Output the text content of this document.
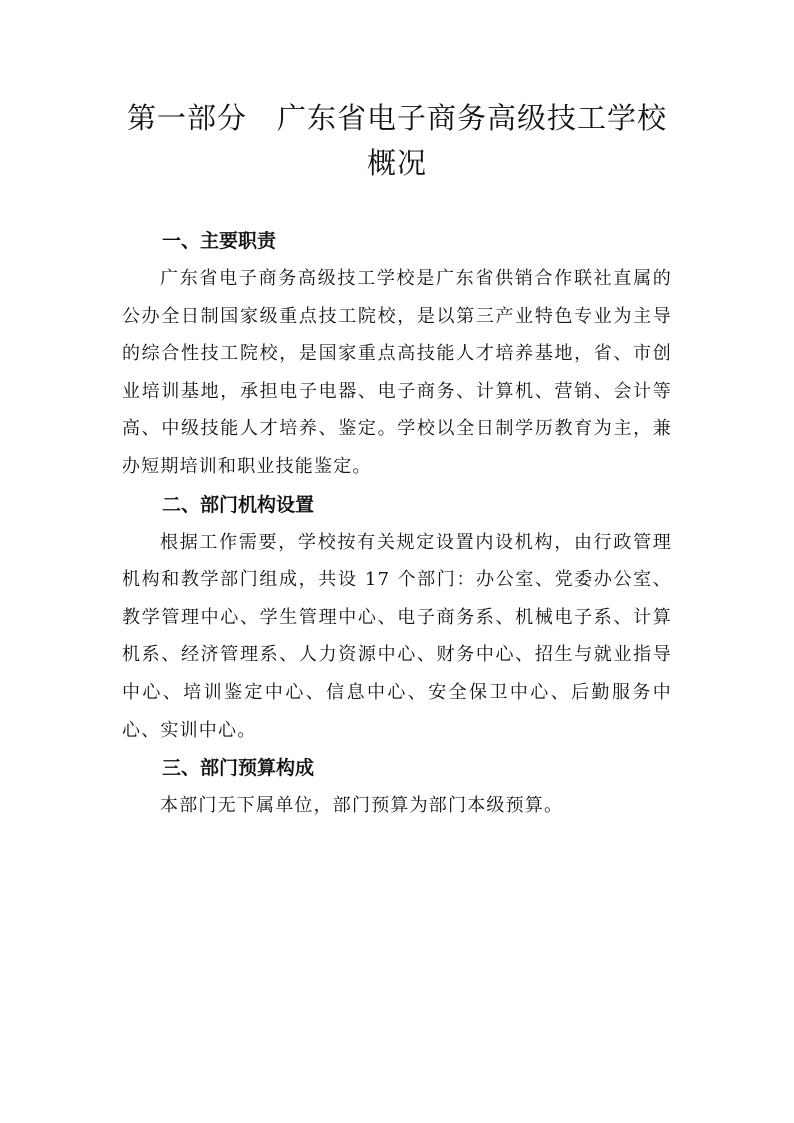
第一部分 广东省电子商务高级技工学校
概况
一、主要职责

广东省电子商务高级技工学校是广东省供销合作联社直属的公办全日制国家级重点技工院校，是以第三产业特色专业为主导的综合性技工院校，是国家重点高技能人才培养基地，省、市创业培训基地，承担电子电器、电子商务、计算机、营销、会计等高、中级技能人才培养、鉴定。学校以全日制学历教育为主，兼办短期培训和职业技能鉴定。

二、部门机构设置

根据工作需要，学校按有关规定设置内设机构，由行政管理机构和教学部门组成，共设 17 个部门：办公室、党委办公室、教学管理中心、学生管理中心、电子商务系、机械电子系、计算机系、经济管理系、人力资源中心、财务中心、招生与就业指导中心、培训鉴定中心、信息中心、安全保卫中心、后勤服务中心、实训中心。

三、部门预算构成

本部门无下属单位，部门预算为部门本级预算。
